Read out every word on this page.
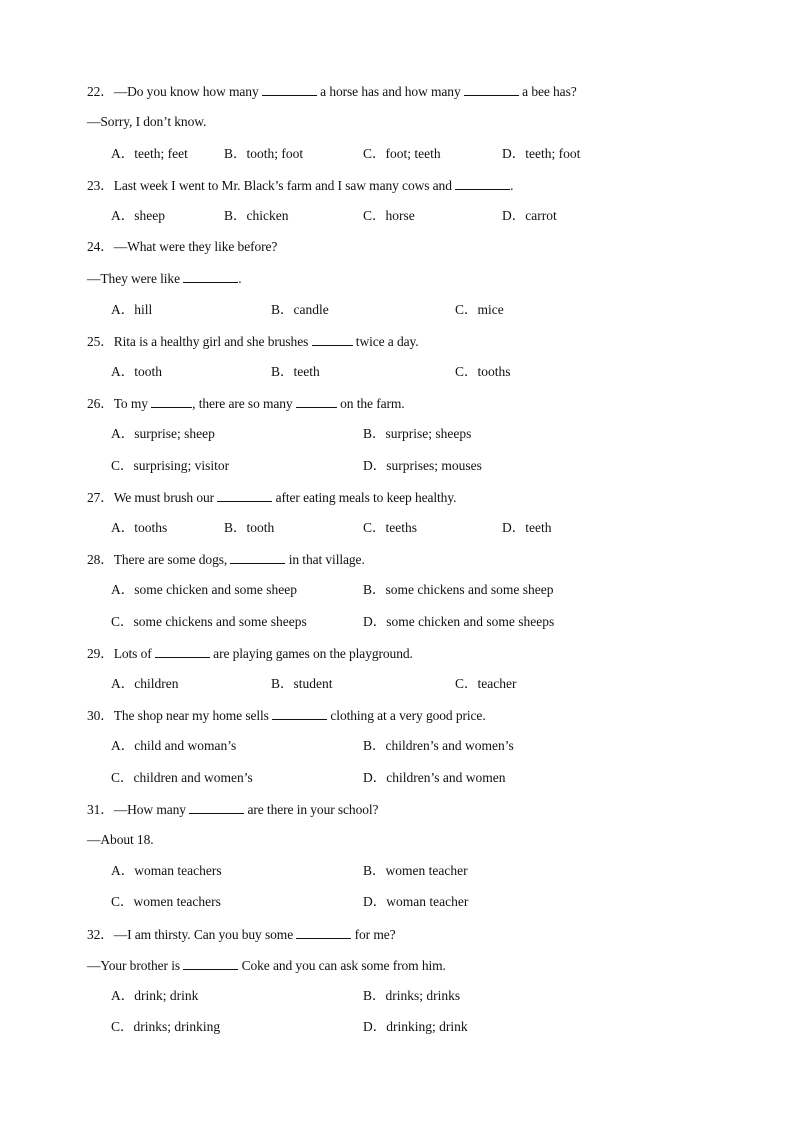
22．—Do you know how many	a horse has and how many	a bee has?
—Sorry, I don’t know.
A．teeth; feet	B．tooth; foot	C．foot; teeth	D．teeth; foot
23．Last week I went to Mr. Black’s farm and I saw many cows and	.
A．sheep	B．chicken	C．horse	D．carrot
24．—What were they like before?
—They were like	.
A．hill	B．candle	C．mice
25．Rita is a healthy girl and she brushes	twice a day.
A．tooth	B．teeth	C．tooths
26．To my	, there are so many	on the farm.
A．surprise; sheep	B．surprise; sheeps
C．surprising; visitor	D．surprises; mouses
27．We must brush our	after eating meals to keep healthy.
A．tooths	B．tooth	C．teeths	D．teeth
28．There are some dogs,	in that village.
A．some chicken and some sheep	B．some chickens and some sheep
C．some chickens and some sheeps	D．some chicken and some sheeps
29．Lots of	are playing games on the playground.
A．children	B．student	C．teacher
30．The shop near my home sells	clothing at a very good price.
A．child and woman’s	B．children’s and women’s
C．children and women’s	D．children’s and women
31．—How many	are there in your school?
—About 18.
A．woman teachers	B．women teacher
C．women teachers	D．woman teacher
32．—I am thirsty. Can you buy some	for me?
—Your brother is	Coke and you can ask some from him.
A．drink; drink	B．drinks; drinks
C．drinks; drinking	D．drinking; drink
